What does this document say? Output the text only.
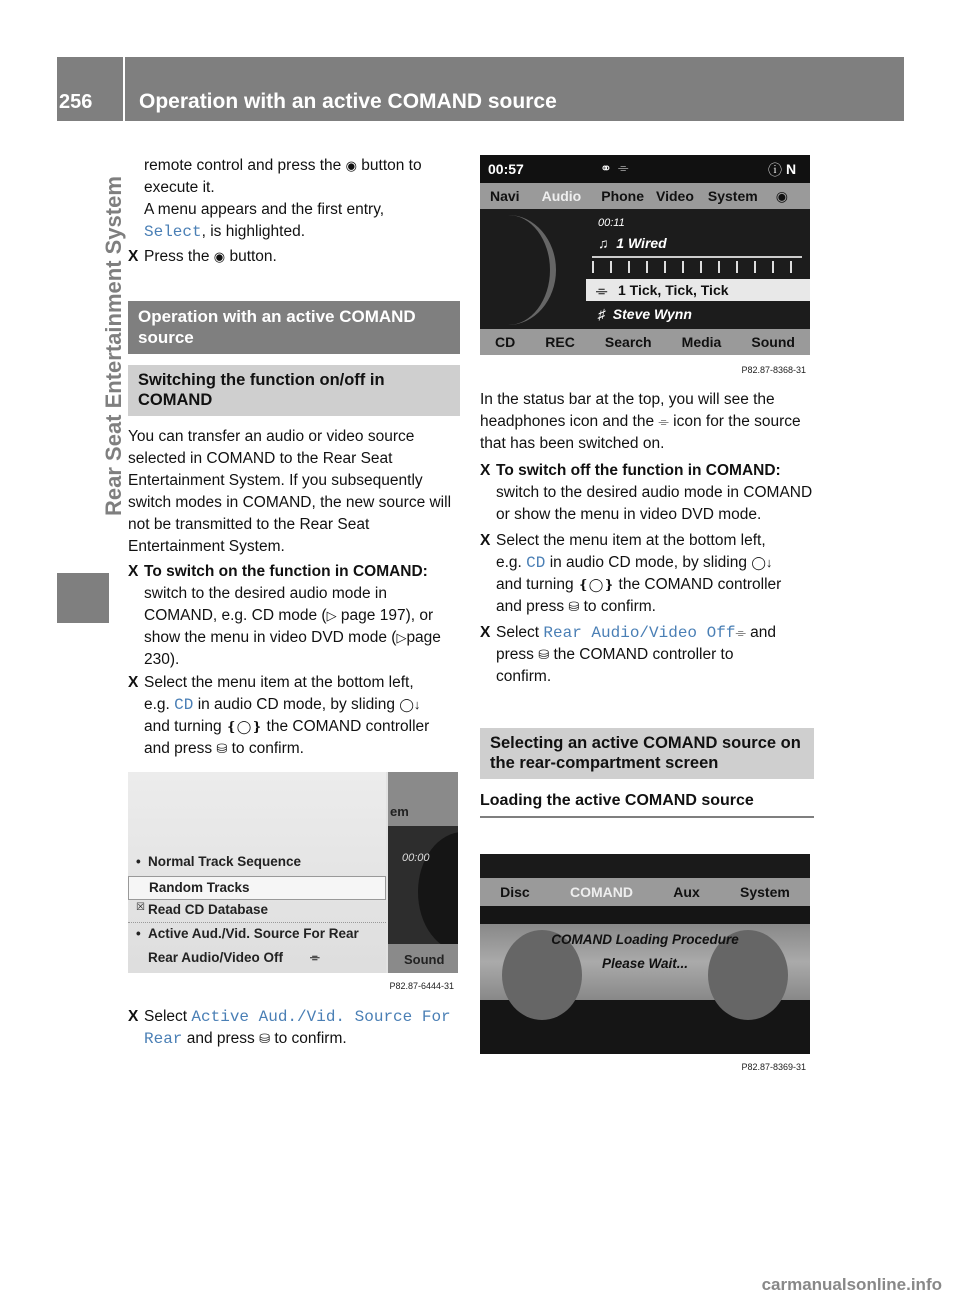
256 Operation with an active COMAND source
Rear Seat Entertainment System

remote control and press the ◉ button to
execute it.
A menu appears and the first entry,
Select, is highlighted.

X Press the ◉ button.

Operation with an active COMAND source
Switching the function on/off in COMAND

You can transfer an audio or video source selected in COMAND to the Rear Seat Entertainment System. If you subsequently switch modes in COMAND, the new source will not be transmitted to the Rear Seat Entertainment System.

X To switch on the function in COMAND: switch to the desired audio mode in COMAND, e.g. CD mode (▷ page 197), or show the menu in video DVD mode (▷page 230).

X Select the menu item at the bottom left,
e.g. CD in audio CD mode, by sliding ◯↓
and turning ❴◯❵ the COMAND controller
and press ⛁ to confirm.

em
00:00
Sound
• Normal Track Sequence
Random Tracks
☒ Read CD Database
• Active Aud./Vid. Source For Rear
Rear Audio/Video Off ⌯
P82.87-6444-31

X Select Active Aud./Vid. Source For
Rear and press ⛁ to confirm.

00:57	⚭ ⌯	ⓘ N
Navi Audio Phone Video System ◉
00:11
♫ 1 Wired
⌯ 1 Tick, Tick, Tick
♯ Steve Wynn
CD REC Search Media Sound
P82.87-8368-31

In the status bar at the top, you will see the headphones icon and the ⌯ icon for the source that has been switched on.

X To switch off the function in COMAND:
switch to the desired audio mode in COMAND or show the menu in video DVD mode.

X Select the menu item at the bottom left,
e.g. CD in audio CD mode, by sliding ◯↓
and turning ❴◯❵ the COMAND controller
and press ⛁ to confirm.

X Select Rear Audio/Video Off⌯ and
press ⛁ the COMAND controller to
confirm.

Selecting an active COMAND source on the rear-compartment screen
Loading the active COMAND source
Disc	COMAND	Aux	System
COMAND Loading Procedure
Please Wait...
P82.87-8369-31
carmanualsonline.info
